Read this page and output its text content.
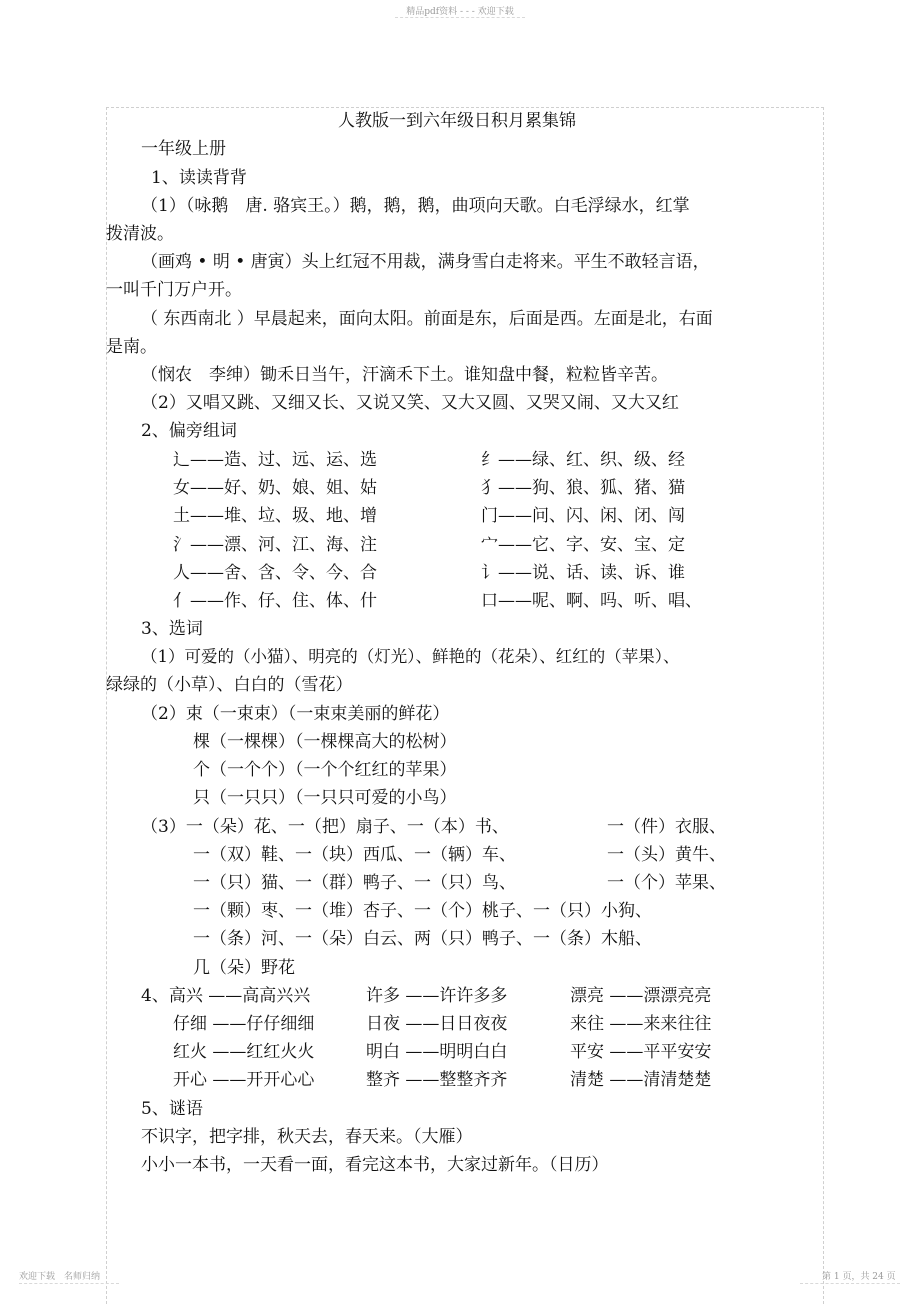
精品pdf资料 - - - 欢迎下载
人教版一到六年级日积月累集锦
一年级上册
1、读读背背
（1）（咏鹅　唐. 骆宾王。）鹅，鹅，鹅，曲项向天歌。白毛浮绿水，红掌
拨清波。
（画鸡 • 明 • 唐寅）头上红冠不用裁，满身雪白走将来。平生不敢轻言语，
一叫千门万户开。
（ 东西南北 ）早晨起来，面向太阳。前面是东，后面是西。左面是北，右面
是南。
（悯农　李绅）锄禾日当午，汗滴禾下土。谁知盘中餐，粒粒皆辛苦。
（2）又唱又跳、又细又长、又说又笑、又大又圆、又哭又闹、又大又红
2、偏旁组词
辶——造、过、远、运、选	纟——绿、红、织、级、经
女——好、奶、娘、姐、姑	犭——狗、狼、狐、猪、猫
土——堆、垃、圾、地、增	门——问、闪、闲、闭、闯
氵——漂、河、江、海、注	宀——它、字、安、宝、定
人——舍、含、令、今、合	讠——说、话、读、诉、谁
亻——作、仔、住、体、什	口——呢、啊、吗、听、唱、
3、选词
（1）可爱的（小猫）、明亮的（灯光）、鲜艳的（花朵）、红红的（苹果）、
绿绿的（小草）、白白的（雪花）
（2）束（一束束）（一束束美丽的鲜花）
棵（一棵棵）（一棵棵高大的松树）
个（一个个）（一个个红红的苹果）
只（一只只）（一只只可爱的小鸟）
（3）一（朵）花、一（把）扇子、一（本）书、	一（件）衣服、
一（双）鞋、一（块）西瓜、一（辆）车、	一（头）黄牛、
一（只）猫、一（群）鸭子、一（只）鸟、	一（个）苹果、
一（颗）枣、一（堆）杏子、一（个）桃子、一（只）小狗、
一（条）河、一（朵）白云、两（只）鸭子、一（条）木船、
几（朵）野花
4、高兴 ——高高兴兴	许多 ——许许多多	漂亮 ——漂漂亮亮
仔细 ——仔仔细细	日夜 ——日日夜夜	来往 ——来来往往
红火 ——红红火火	明白 ——明明白白	平安 ——平平安安
开心 ——开开心心	整齐 ——整整齐齐	清楚 ——清清楚楚
5、谜语
不识字，把字排，秋天去，春天来。（大雁）
小小一本书，一天看一面，看完这本书，大家过新年。（日历）
欢迎下载　名师归纳	第 1 页，共 24 页
